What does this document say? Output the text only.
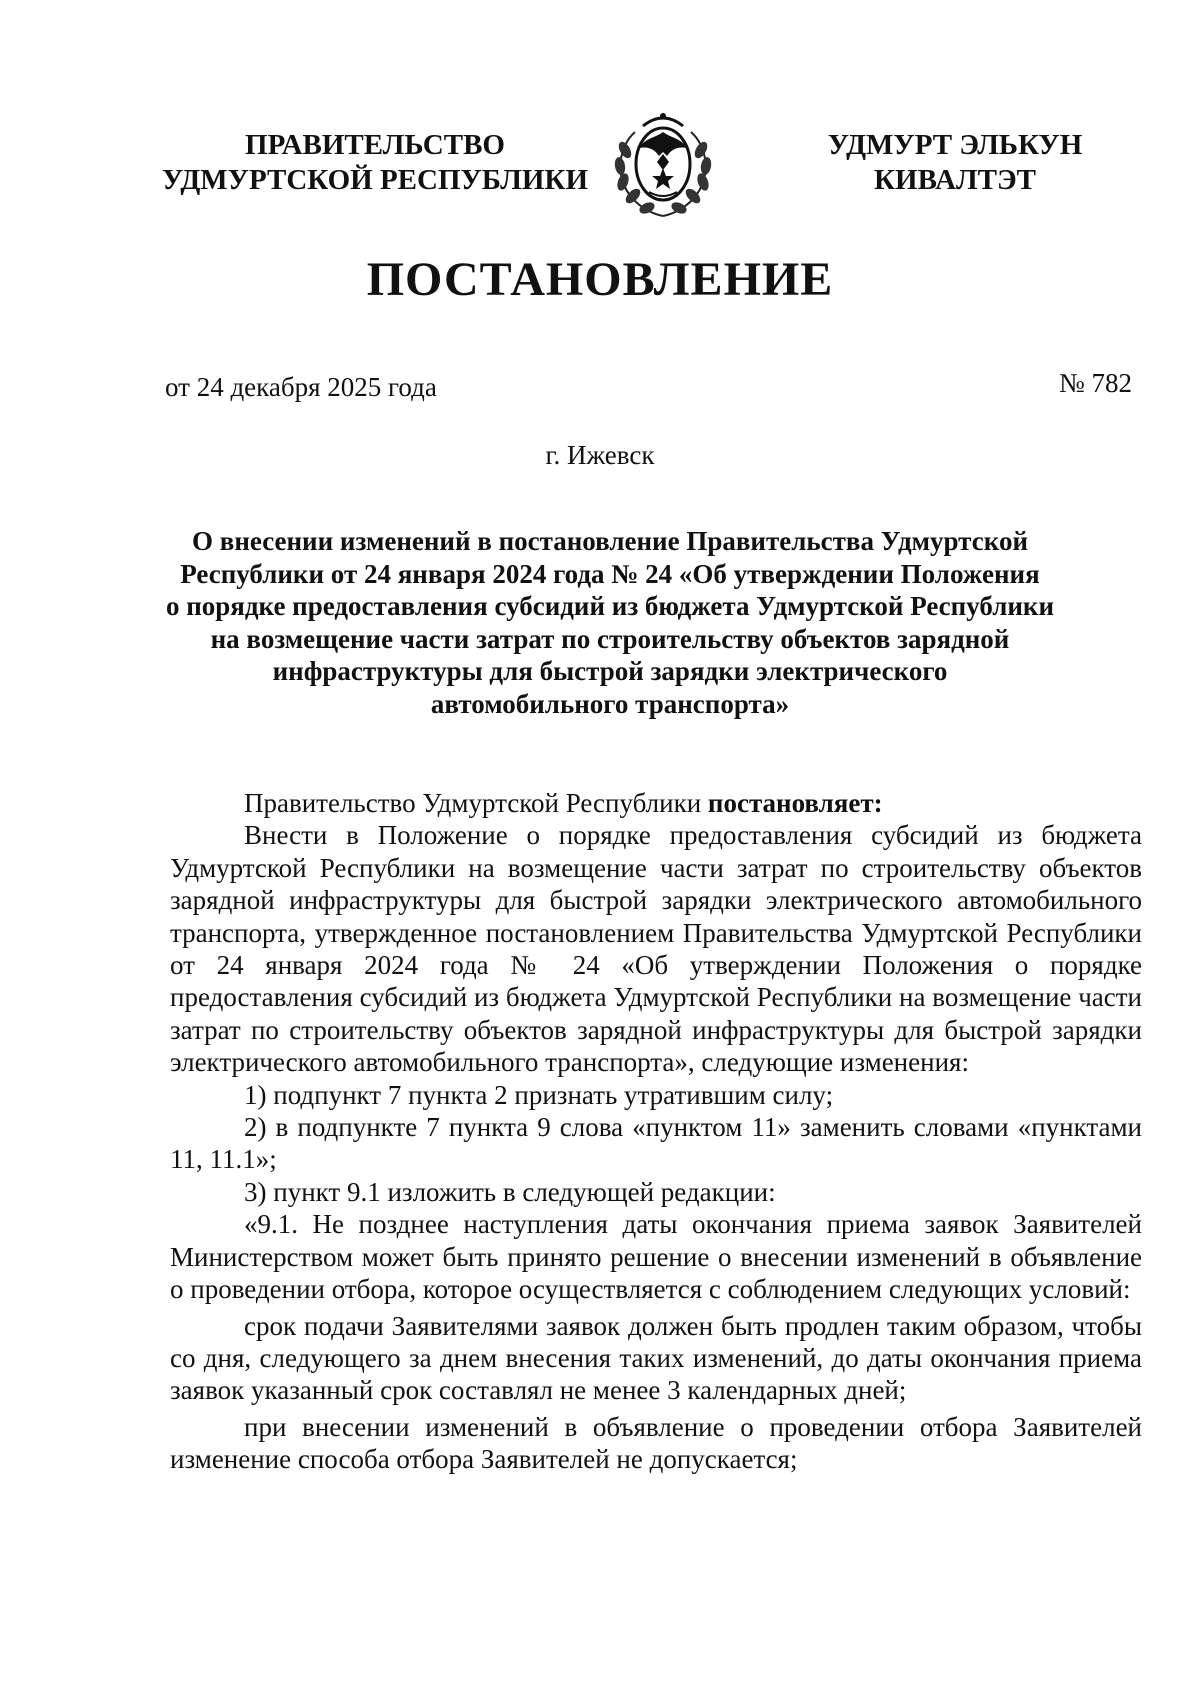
ПРАВИТЕЛЬСТВО
УДМУРТСКОЙ РЕСПУБЛИКИ
УДМУРТ ЭЛЬКУН
КИВАЛТЭТ
ПОСТАНОВЛЕНИЕ
от 24 декабря 2025 года	№ 782
г. Ижевск
О внесении изменений в постановление Правительства Удмуртской
Республики от 24 января 2024 года № 24 «Об утверждении Положения
о порядке предоставления субсидий из бюджета Удмуртской Республики
на возмещение части затрат по строительству объектов зарядной
инфраструктуры для быстрой зарядки электрического
автомобильного транспорта»

Правительство Удмуртской Республики постановляет:

Внести в Положение о порядке предоставления субсидий из бюджета Удмуртской Республики на возмещение части затрат по строительству объектов зарядной инфраструктуры для быстрой зарядки электрического автомобильного транспорта, утвержденное постановлением Правительства Удмуртской Республики от 24 января 2024 года № 24 «Об утверждении Положения о порядке предоставления субсидий из бюджета Удмуртской Республики на возмещение части затрат по строительству объектов зарядной инфраструктуры для быстрой зарядки электрического автомобильного транспорта», следующие изменения:

1) подпункт 7 пункта 2 признать утратившим силу;

2) в подпункте 7 пункта 9 слова «пунктом 11» заменить словами «пунктами 11, 11.1»;

3) пункт 9.1 изложить в следующей редакции:

«9.1. Не позднее наступления даты окончания приема заявок Заявителей Министерством может быть принято решение о внесении изменений в объявление о проведении отбора, которое осуществляется с соблюдением следующих условий:

срок подачи Заявителями заявок должен быть продлен таким образом, чтобы со дня, следующего за днем внесения таких изменений, до даты окончания приема заявок указанный срок составлял не менее 3 календарных дней;

при внесении изменений в объявление о проведении отбора Заявителей изменение способа отбора Заявителей не допускается;
